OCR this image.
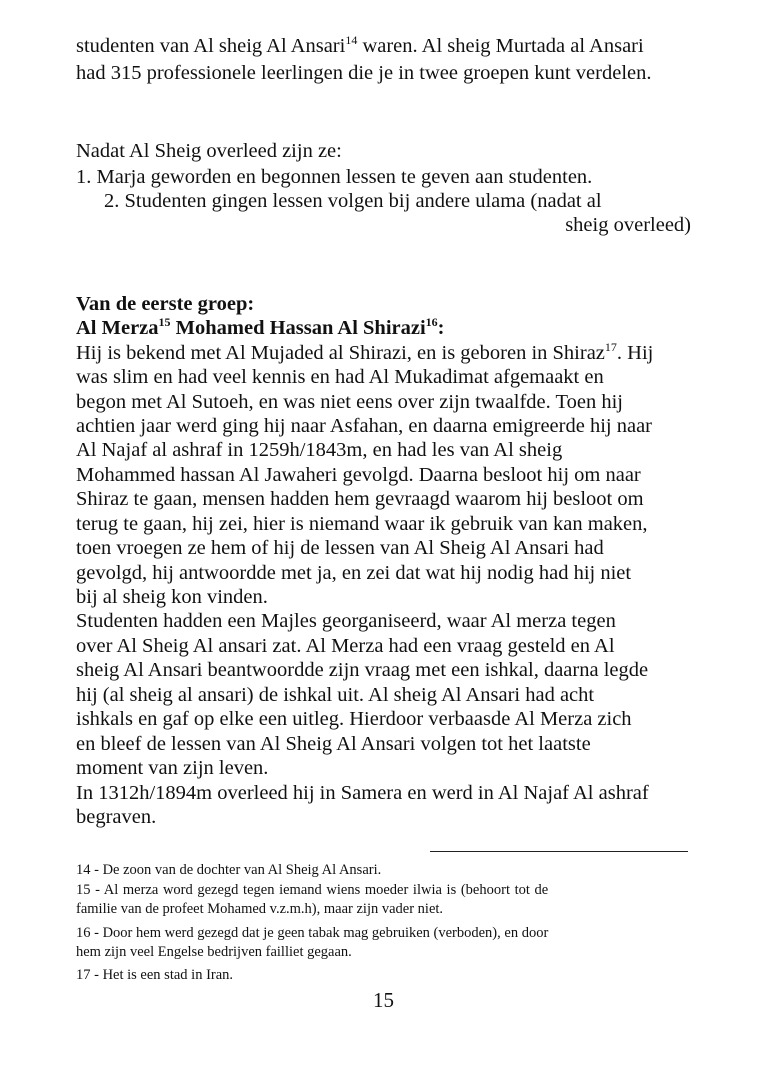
studenten van Al sheig Al Ansari$^{14}$ waren. Al sheig Murtada al Ansari
had 315 professionele leerlingen die je in twee groepen kunt verdelen.
Nadat Al Sheig overleed zijn ze:
1. Marja geworden en begonnen lessen te geven aan studenten.
2. Studenten gingen lessen volgen bij andere ulama (nadat al
sheig overleed)
Van de eerste groep:
Al Merza$^{15}$ Mohamed Hassan Al Shirazi$^{16}$:
Hij is bekend met Al Mujaded al Shirazi, en is geboren in Shiraz$^{17}$. Hij
was slim en had veel kennis en had Al Mukadimat afgemaakt en
begon met Al Sutoeh, en was niet eens over zijn twaalfde. Toen hij
achtien jaar werd ging hij naar Asfahan, en daarna emigreerde hij naar
Al Najaf al ashraf in 1259h/1843m, en had les van Al sheig
Mohammed hassan Al Jawaheri gevolgd. Daarna besloot hij om naar
Shiraz te gaan, mensen hadden hem gevraagd waarom hij besloot om
terug te gaan, hij zei, hier is niemand waar ik gebruik van kan maken,
toen vroegen ze hem of hij de lessen van Al Sheig Al Ansari had
gevolgd, hij antwoordde met ja, en zei dat wat hij nodig had hij niet
bij al sheig kon vinden.
Studenten hadden een Majles georganiseerd, waar Al merza tegen
over Al Sheig Al ansari zat. Al Merza had een vraag gesteld en Al
sheig Al Ansari beantwoordde zijn vraag met een ishkal, daarna legde
hij (al sheig al ansari) de ishkal uit. Al sheig Al Ansari had acht
ishkals en gaf op elke een uitleg. Hierdoor verbaasde Al Merza zich
en bleef de lessen van Al Sheig Al Ansari volgen tot het laatste
moment van zijn leven.
In 1312h/1894m overleed hij in Samera en werd in Al Najaf Al ashraf
begraven.
14 - De zoon van de dochter van Al Sheig Al Ansari.
15 - Al merza word gezegd tegen iemand wiens moeder ilwia is (behoort tot de
familie van de profeet Mohamed v.z.m.h), maar zijn vader niet.
16 - Door hem werd gezegd dat je geen tabak mag gebruiken (verboden), en door
hem zijn veel Engelse bedrijven failliet gegaan.
17 - Het is een stad in Iran.
15
